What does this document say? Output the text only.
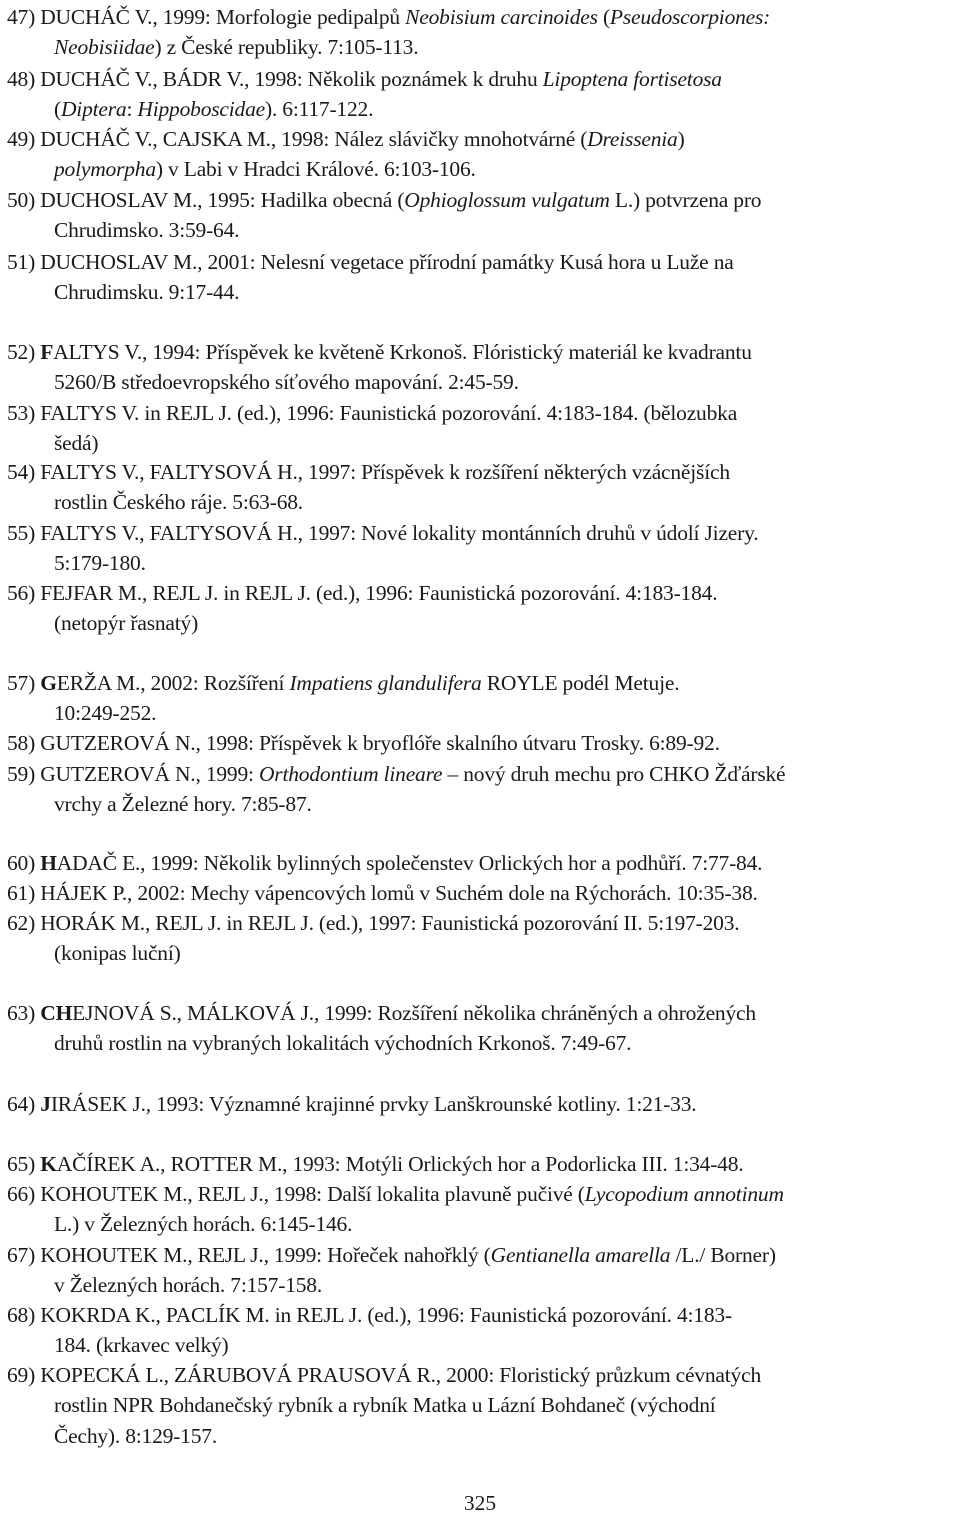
47) DUCHÁČ V., 1999: Morfologie pedipalpů Neobisium carcinoides (Pseudoscorpiones:
Neobisiidae) z České republiky. 7:105-113.
48) DUCHÁČ V., BÁDR V., 1998: Několik poznámek k druhu Lipoptena fortisetosa
(Diptera: Hippoboscidae). 6:117-122.
49) DUCHÁČ V., CAJSKA M., 1998: Nález slávičky mnohotvárné (Dreissenia)
polymorpha) v Labi v Hradci Králové. 6:103-106.
50) DUCHOSLAV M., 1995: Hadilka obecná (Ophioglossum vulgatum L.) potvrzena pro
Chrudimsko. 3:59-64.
51) DUCHOSLAV M., 2001: Nelesní vegetace přírodní památky Kusá hora u Luže na
Chrudimsku. 9:17-44.
52) FALTYS V., 1994: Příspěvek ke květeně Krkonoš. Flóristický materiál ke kvadrantu
5260/B středoevropského síťového mapování. 2:45-59.
53) FALTYS V. in REJL J. (ed.), 1996: Faunistická pozorování. 4:183-184. (bělozubka
šedá)
54) FALTYS V., FALTYSOVÁ H., 1997: Příspěvek k rozšíření některých vzácnějších
rostlin Českého ráje. 5:63-68.
55) FALTYS V., FALTYSOVÁ H., 1997: Nové lokality montánních druhů v údolí Jizery.
5:179-180.
56) FEJFAR M., REJL J. in REJL J. (ed.), 1996: Faunistická pozorování. 4:183-184.
(netopýr řasnatý)
57) GERŽA M., 2002: Rozšíření Impatiens glandulifera ROYLE podél Metuje.
10:249-252.
58) GUTZEROVÁ N., 1998: Příspěvek k bryoflóře skalního útvaru Trosky. 6:89-92.
59) GUTZEROVÁ N., 1999: Orthodontium lineare – nový druh mechu pro CHKO Žďárské
vrchy a Železné hory. 7:85-87.
60) HADAČ E., 1999: Několik bylinných společenstev Orlických hor a podhůří. 7:77-84.
61) HÁJEK P., 2002: Mechy vápencových lomů v Suchém dole na Rýchorách. 10:35-38.
62) HORÁK M., REJL J. in REJL J. (ed.), 1997: Faunistická pozorování II. 5:197-203.
(konipas luční)
63) CHEJNOVÁ S., MÁLKOVÁ J., 1999: Rozšíření několika chráněných a ohrožených
druhů rostlin na vybraných lokalitách východních Krkonoš. 7:49-67.
64) JIRÁSEK J., 1993: Významné krajinné prvky Lanškrounské kotliny. 1:21-33.
65) KAČÍREK A., ROTTER M., 1993: Motýli Orlických hor a Podorlicka III. 1:34-48.
66) KOHOUTEK M., REJL J., 1998: Další lokalita plavuně pučivé (Lycopodium annotinum
L.) v Železných horách. 6:145-146.
67) KOHOUTEK M., REJL J., 1999: Hořeček nahořklý (Gentianella amarella /L./ Borner)
v Železných horách. 7:157-158.
68) KOKRDA K., PACLÍK M. in REJL J. (ed.), 1996: Faunistická pozorování. 4:183-
184. (krkavec velký)
69) KOPECKÁ L., ZÁRUBOVÁ PRAUSOVÁ R., 2000: Floristický průzkum cévnatých
rostlin NPR Bohdanečský rybník a rybník Matka u Lázní Bohdaneč (východní
Čechy). 8:129-157.
325
